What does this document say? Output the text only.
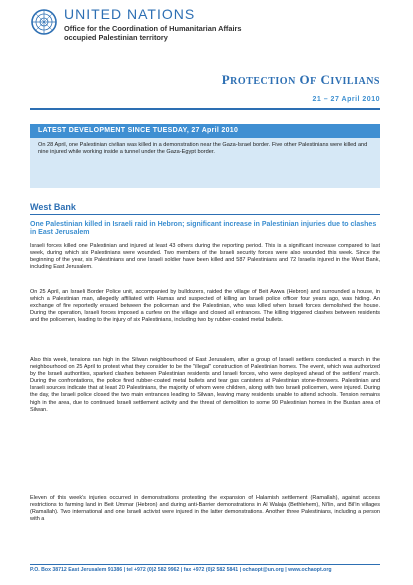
UNITED NATIONS
Office for the Coordination of Humanitarian Affairs
occupied Palestinian territory
PROTECTION OF CIVILIANS
21 – 27 April 2010
LATEST DEVELOPMENT SINCE TUESDAY, 27 April 2010
On 28 April, one Palestinian civilian was killed in a demonstration near the Gaza-Israel border. Five other Palestinians were killed and nine injured while working inside a tunnel under the Gaza-Egypt border.
West Bank
One Palestinian killed in Israeli raid in Hebron; significant increase in Palestinian injuries due to clashes in East Jerusalem
Israeli forces killed one Palestinian and injured at least 43 others during the reporting period. This is a significant increase compared to last week, during which six Palestinians were wounded. Two members of the Israeli security forces were also wounded this week. Since the beginning of the year, six Palestinians and one Israeli soldier have been killed and 587 Palestinians and 72 Israelis injured in the West Bank, including East Jerusalem.
On 25 April, an Israeli Border Police unit, accompanied by bulldozers, raided the village of Beit Awwa (Hebron) and surrounded a house, in which a Palestinian man, allegedly affiliated with Hamas and suspected of killing an Israeli police officer four years ago, was hiding. An exchange of fire reportedly ensued between the policeman and the Palestinian, who was killed when Israeli forces demolished the house. During the operation, Israeli forces imposed a curfew on the village and closed all entrances. The killing triggered clashes between residents and the policemen, leading to the injury of six Palestinians, including two by rubber-coated metal bullets.
Also this week, tensions ran high in the Silwan neighbourhood of East Jerusalem, after a group of Israeli settlers conducted a march in the neighbourhood on 25 April to protest what they consider to be the "illegal" construction of Palestinian homes. The event, which was authorized by the Israeli authorities, sparked clashes between Palestinian residents and Israeli forces, who were deployed ahead of the settlers' march. During the confrontations, the police fired rubber-coated metal bullets and tear gas canisters at Palestinian stone-throwers. Palestinian and Israeli sources indicate that at least 20 Palestinians, the majority of whom were children, along with two Israeli policemen, were injured. During the day, the Israeli police closed the two main entrances leading to Silwan, leaving many residents unable to attend schools. Tension remains high in the area, due to continued Israeli settlement activity and the threat of demolition to some 90 Palestinian homes in the Bustan area of Silwan.
Eleven of this week's injuries occurred in demonstrations protesting the expansion of Halamish settlement (Ramallah), against access restrictions to farming land in Beit Ummar (Hebron) and during anti-Barrier demonstrations in Al Walaja (Bethlehem), Ni'lin, and Bil'in villages (Ramallah). Two international and one Israeli activist were injured in the latter demonstrations. Another three Palestinians, including a person with a
P.O. Box 38712 East Jerusalem 91386 | tel +972 (0)2 582 9962 | fax +972 (0)2 582 5841 | ochaopt@un.org | www.ochaopt.org
